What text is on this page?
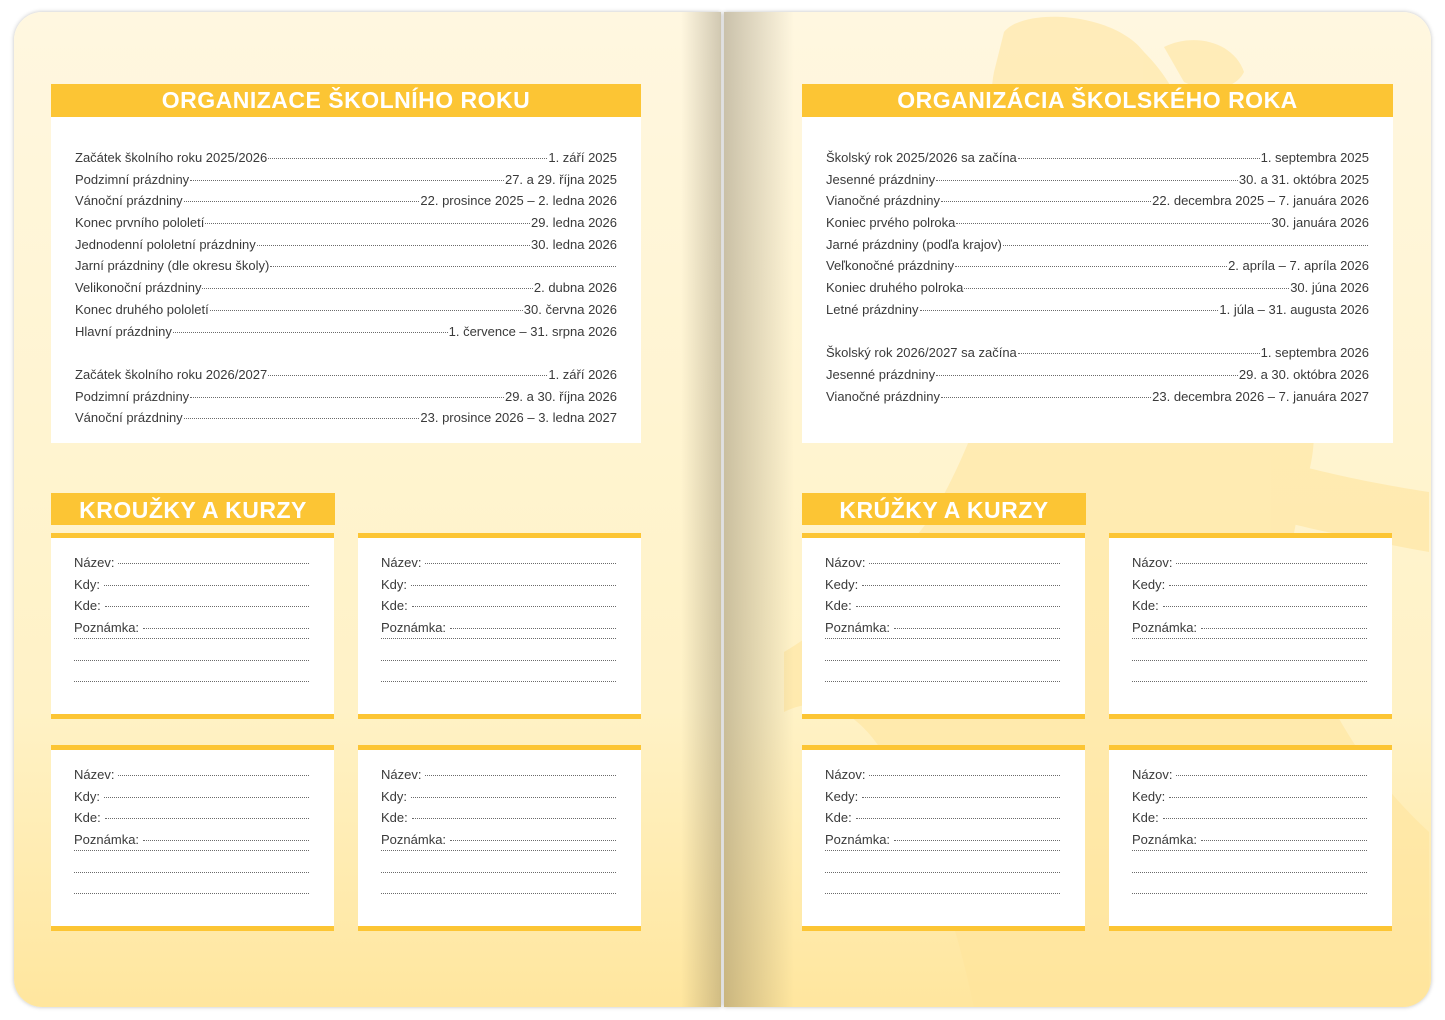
ORGANIZACE ŠKOLNÍHO ROKU
Začátek školního roku 2025/2026	1. září 2025
Podzimní prázdniny	27. a 29. října 2025
Vánoční prázdniny	22. prosince 2025 – 2. ledna 2026
Konec prvního pololetí	29. ledna 2026
Jednodenní pololetní prázdniny	30. ledna 2026
Jarní prázdniny (dle okresu školy)
Velikonoční prázdniny	2. dubna 2026
Konec druhého pololetí	30. června 2026
Hlavní prázdniny	1. července – 31. srpna 2026
Začátek školního roku 2026/2027	1. září 2026
Podzimní prázdniny	29. a 30. října 2026
Vánoční prázdniny	23. prosince 2026 – 3. ledna 2027
KROUŽKY A KURZY
Název:
Kdy:
Kde:
Poznámka:
Název:
Kdy:
Kde:
Poznámka:
Název:
Kdy:
Kde:
Poznámka:
Název:
Kdy:
Kde:
Poznámka:
ORGANIZÁCIA ŠKOLSKÉHO ROKA
Školský rok 2025/2026 sa začína	1. septembra 2025
Jesenné prázdniny	30. a 31. októbra 2025
Vianočné prázdniny	22. decembra 2025 – 7. januára 2026
Koniec prvého polroka	30. januára 2026
Jarné prázdniny (podľa krajov)
Veľkonočné prázdniny	2. apríla – 7. apríla 2026
Koniec druhého polroka	30. júna 2026
Letné prázdniny	1. júla – 31. augusta 2026
Školský rok 2026/2027 sa začína	1. septembra 2026
Jesenné prázdniny	29. a 30. októbra 2026
Vianočné prázdniny	23. decembra 2026 – 7. januára 2027
KRÚŽKY A KURZY
Názov:
Kedy:
Kde:
Poznámka:
Názov:
Kedy:
Kde:
Poznámka:
Názov:
Kedy:
Kde:
Poznámka:
Názov:
Kedy:
Kde:
Poznámka:
